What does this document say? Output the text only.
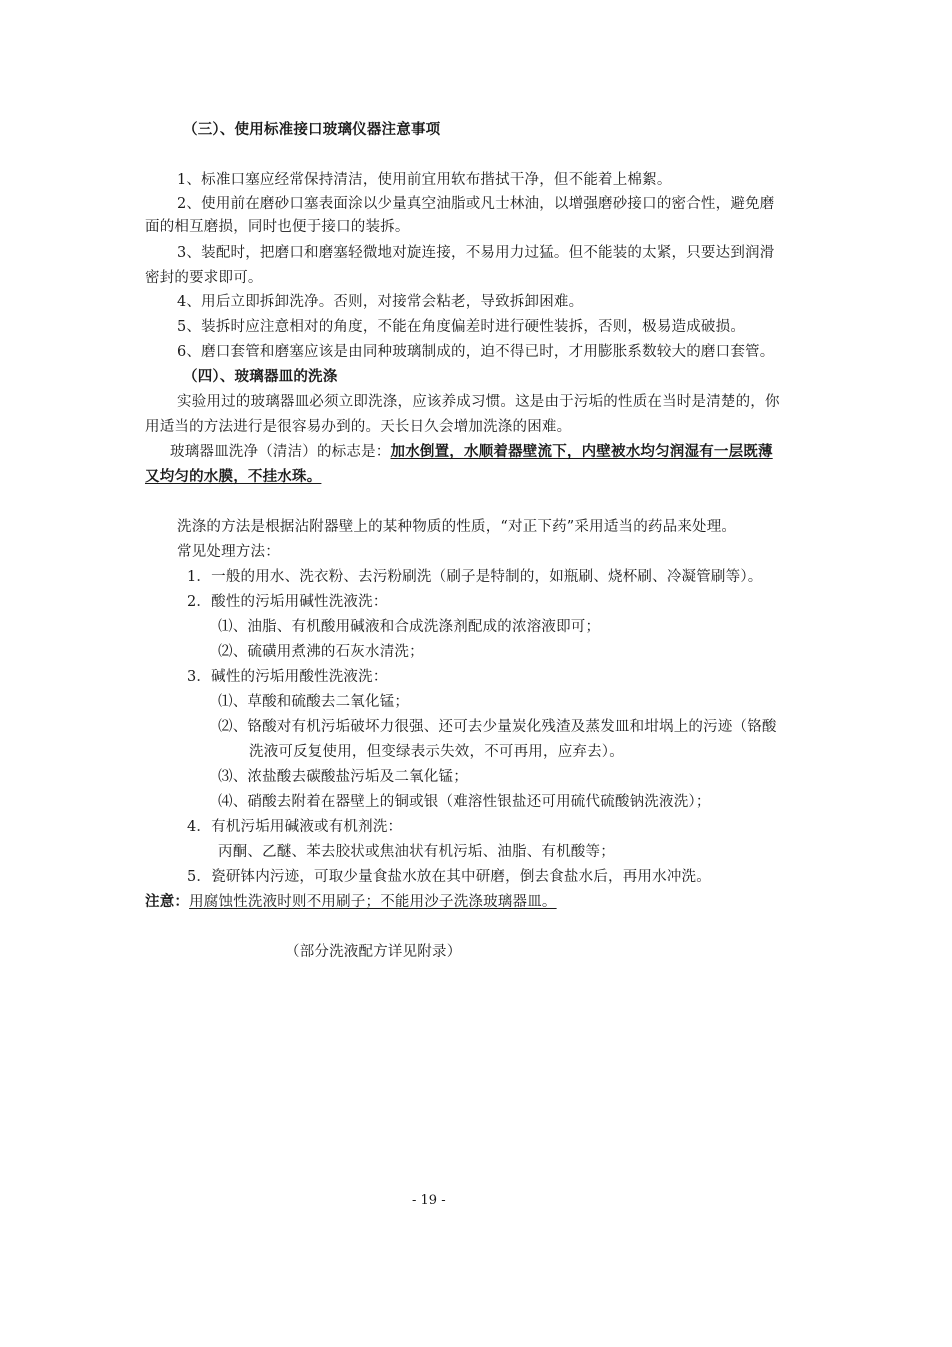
（三）、使用标准接口玻璃仪器注意事项
1、标准口塞应经常保持清洁，使用前宜用软布揩拭干净，但不能着上棉絮。
2、使用前在磨砂口塞表面涂以少量真空油脂或凡士林油，以增强磨砂接口的密合性，避免磨
面的相互磨损，同时也便于接口的装拆。
3、装配时，把磨口和磨塞轻微地对旋连接，不易用力过猛。但不能装的太紧，只要达到润滑
密封的要求即可。
4、用后立即拆卸洗净。否则，对接常会粘老，导致拆卸困难。
5、装拆时应注意相对的角度，不能在角度偏差时进行硬性装拆，否则，极易造成破损。
6、磨口套管和磨塞应该是由同种玻璃制成的，迫不得已时，才用膨胀系数较大的磨口套管。
（四）、玻璃器皿的洗涤
实验用过的玻璃器皿必须立即洗涤，应该养成习惯。这是由于污垢的性质在当时是清楚的，你
用适当的方法进行是很容易办到的。天长日久会增加洗涤的困难。
玻璃器皿洗净（清洁）的标志是：加水倒置，水顺着器壁流下，内壁被水均匀润湿有一层既薄
又均匀的水膜，不挂水珠。
洗涤的方法是根据沾附器壁上的某种物质的性质，“对正下药”采用适当的药品来处理。
常见处理方法：
1．一般的用水、洗衣粉、去污粉刷洗（刷子是特制的，如瓶刷、烧杯刷、冷凝管刷等）。
2．酸性的污垢用碱性洗液洗：
⑴、油脂、有机酸用碱液和合成洗涤剂配成的浓溶液即可；
⑵、硫磺用煮沸的石灰水清洗；
3．碱性的污垢用酸性洗液洗：
⑴、草酸和硫酸去二氧化锰；
⑵、铬酸对有机污垢破坏力很强、还可去少量炭化残渣及蒸发皿和坩埚上的污迹（铬酸
洗液可反复使用，但变绿表示失效，不可再用，应弃去）。
⑶、浓盐酸去碳酸盐污垢及二氧化锰；
⑷、硝酸去附着在器壁上的铜或银（难溶性银盐还可用硫代硫酸钠洗液洗）；
4．有机污垢用碱液或有机剂洗：
丙酮、乙醚、苯去胶状或焦油状有机污垢、油脂、有机酸等；
5．瓷研钵内污迹，可取少量食盐水放在其中研磨，倒去食盐水后，再用水冲洗。
注意：用腐蚀性洗液时则不用刷子；不能用沙子洗涤玻璃器皿。
（部分洗液配方详见附录）
- 19 -
